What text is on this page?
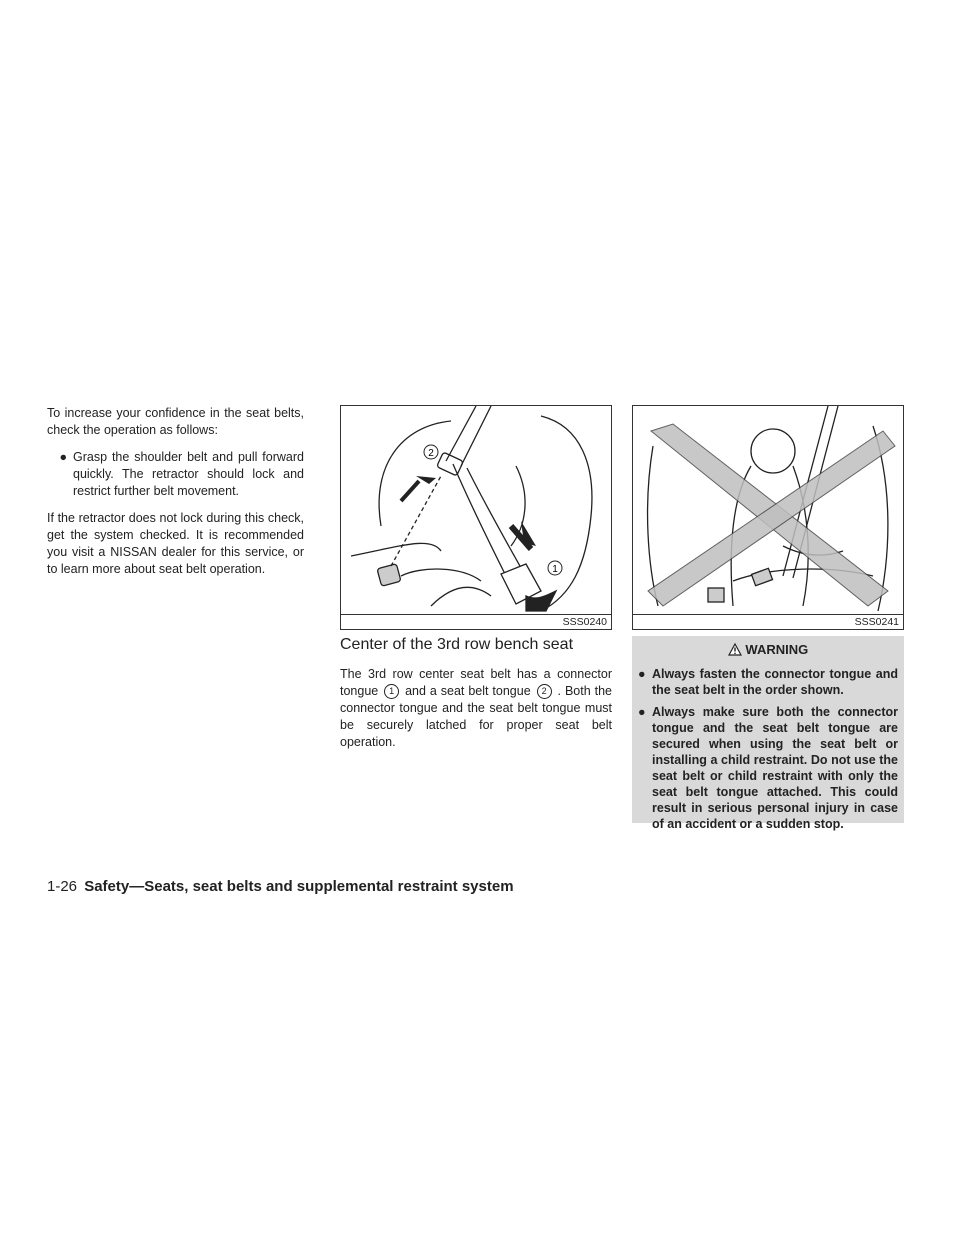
To increase your confidence in the seat belts, check the operation as follows:

● Grasp the shoulder belt and pull forward quickly. The retractor should lock and restrict further belt movement.

If the retractor does not lock during this check, get the system checked. It is recommended you visit a NISSAN dealer for this service, or to learn more about seat belt operation.

2
1
SSS0240	SSS0241
Center of the 3rd row bench seat

The 3rd row center seat belt has a connector tongue 1 and a seat belt tongue 2 . Both the connector tongue and the seat belt tongue must be securely latched for proper seat belt operation.

WARNING
● Always fasten the connector tongue and the seat belt in the order shown.
● Always make sure both the connector tongue and the seat belt tongue are secured when using the seat belt or installing a child restraint. Do not use the seat belt or child restraint with only the seat belt tongue attached. This could result in serious personal injury in case of an accident or a sudden stop.
1-26 Safety—Seats, seat belts and supplemental restraint system
